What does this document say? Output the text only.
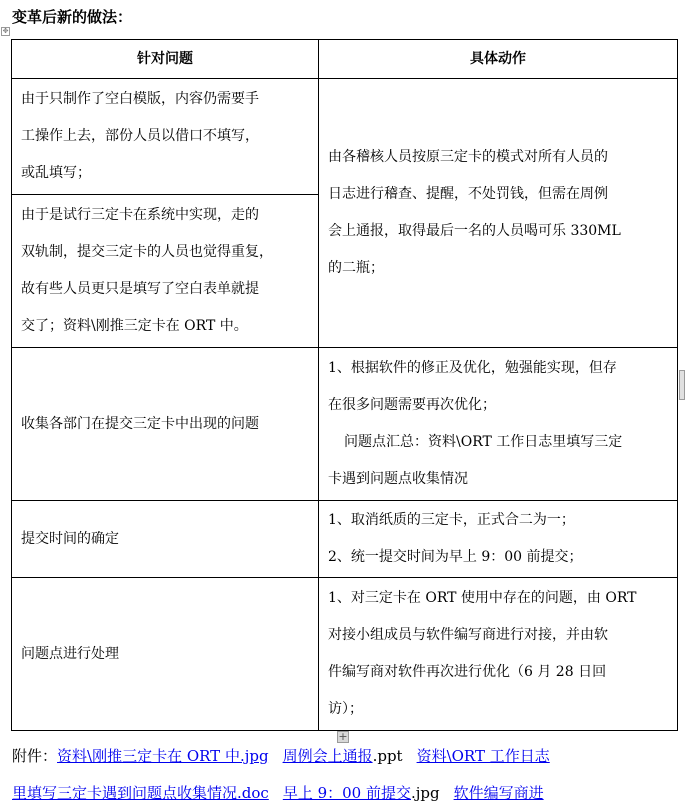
变革后新的做法：
✥
针对问题	具体动作

由于只制作了空白模版，内容仍需要手
工操作上去，部份人员以借口不填写，
或乱填写；	由各稽核人员按原三定卡的模式对所有人员的
日志进行稽查、提醒，不处罚钱，但需在周例
会上通报，取得最后一名的人员喝可乐 330ML
的二瓶；

由于是试行三定卡在系统中实现，走的
双轨制，提交三定卡的人员也觉得重复，
故有些人员更只是填写了空白表单就提
交了；资料\刚推三定卡在 ORT 中。	

收集各部门在提交三定卡中出现的问题	1、根据软件的修正及优化，勉强能实现，但存
在很多问题需要再次优化；
问题点汇总：资料\ORT 工作日志里填写三定
卡遇到问题点收集情况

提交时间的确定	1、取消纸质的三定卡，正式合二为一；
2、统一提交时间为早上 9：00 前提交；

问题点进行处理	1、对三定卡在 ORT 使用中存在的问题，由 ORT
对接小组成员与软件编写商进行对接，并由软
件编写商对软件再次进行优化（6 月 28 日回
访）；
+
附件：资料\刚推三定卡在 ORT 中.jpg 周例会上通报.ppt 资料\ORT 工作日志
里填写三定卡遇到问题点收集情况.doc 早上 9：00 前提交.jpg 软件编写商进
